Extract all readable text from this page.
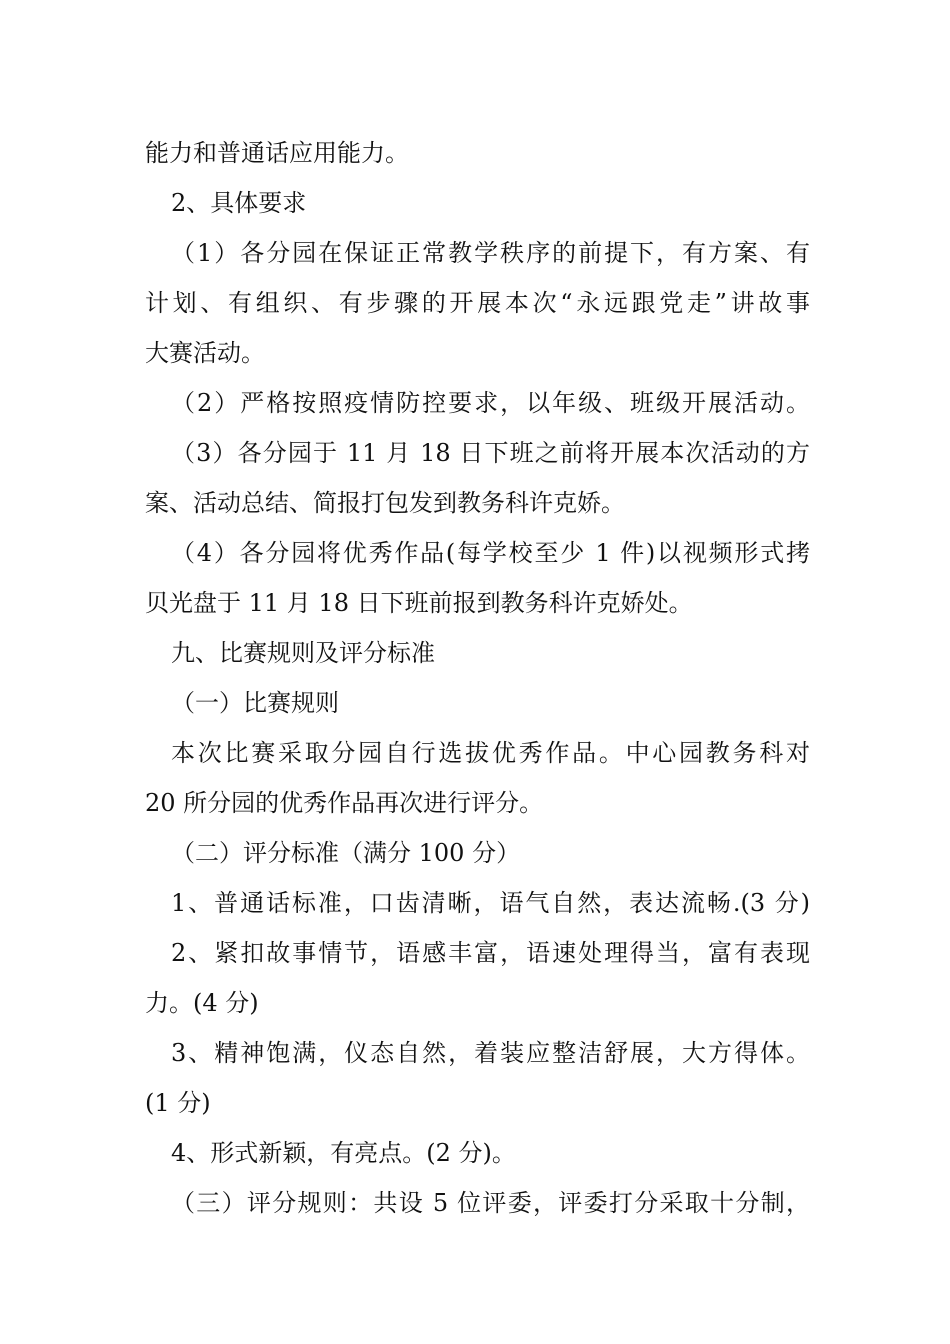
能力和普通话应用能力。
2、具体要求
（1）各分园在保证正常教学秩序的前提下，有方案、有
计划、有组织、有步骤的开展本次“永远跟党走”讲故事
大赛活动。
（2）严格按照疫情防控要求，以年级、班级开展活动。
（3）各分园于 11 月 18 日下班之前将开展本次活动的方
案、活动总结、简报打包发到教务科许克娇。
（4）各分园将优秀作品(每学校至少 1 件)以视频形式拷
贝光盘于 11 月 18 日下班前报到教务科许克娇处。
九、比赛规则及评分标准
（一）比赛规则
本次比赛采取分园自行选拔优秀作品。中心园教务科对
20 所分园的优秀作品再次进行评分。
（二）评分标准（满分 100 分）
1、普通话标准，口齿清晰，语气自然，表达流畅.(3 分)
2、紧扣故事情节，语感丰富，语速处理得当，富有表现
力。(4 分)
3、精神饱满，仪态自然，着装应整洁舒展，大方得体。
(1 分)
4、形式新颖，有亮点。(2 分)。
（三）评分规则：共设 5 位评委，评委打分采取十分制，
